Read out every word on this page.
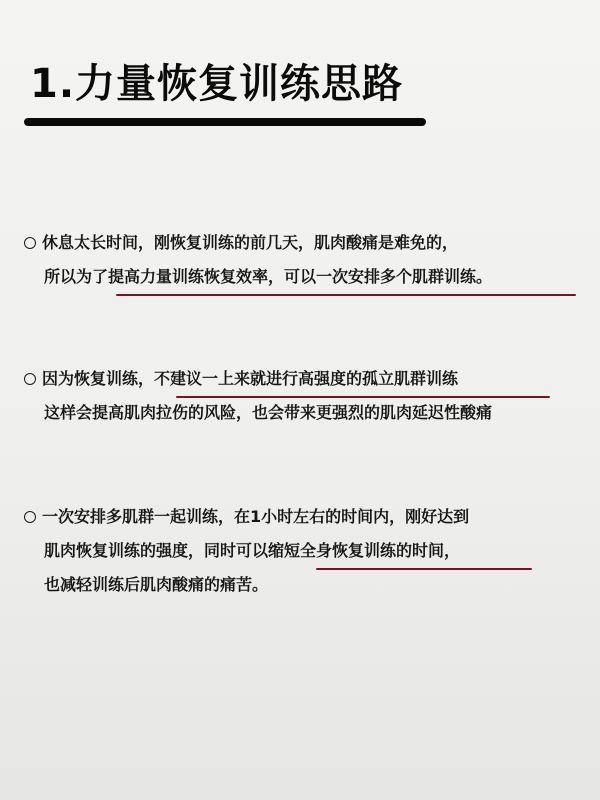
1.力量恢复训练思路
休息太长时间，刚恢复训练的前几天，肌肉酸痛是难免的，
所以为了提高力量训练恢复效率，可以一次安排多个肌群训练。
因为恢复训练，不建议一上来就进行高强度的孤立肌群训练
这样会提高肌肉拉伤的风险，也会带来更强烈的肌肉延迟性酸痛
一次安排多肌群一起训练，在1小时左右的时间内，刚好达到
肌肉恢复训练的强度，同时可以缩短全身恢复训练的时间，
也减轻训练后肌肉酸痛的痛苦。
